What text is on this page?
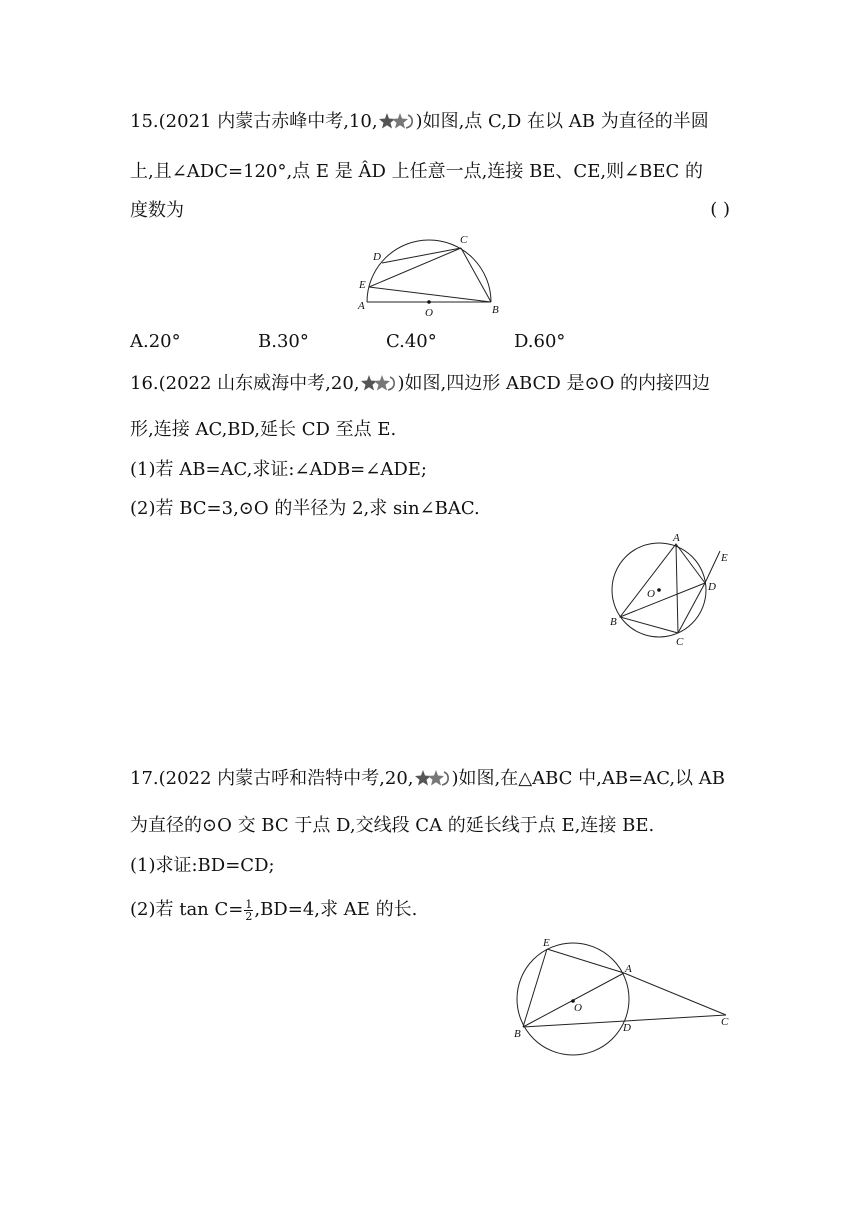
15.(2021 内蒙古赤峰中考,10, )如图,点 C,D 在以 AB 为直径的半圆
上,且∠ADC=120°,点 E 是 ÂD 上任意一点,连接 BE、CE,则∠BEC 的
度数为	( )
D
C
E
A
O	B
A.20°	B.30°	C.40°	D.60°
16.(2022 山东威海中考,20, )如图,四边形 ABCD 是⊙O 的内接四边
形,连接 AC,BD,延长 CD 至点 E.
(1)若 AB=AC,求证:∠ADB=∠ADE;
(2)若 BC=3,⊙O 的半径为 2,求 sin∠BAC.
A
E
O
D
B
C
17.(2022 内蒙古呼和浩特中考,20, )如图,在△ABC 中,AB=AC,以 AB
为直径的⊙O 交 BC 于点 D,交线段 CA 的延长线于点 E,连接 BE.
(1)求证:BD=CD;
(2)若 $\tan C= \frac{1}{2} ,BD=4$,求 AE 的长.
E
A
O
B	D	C
